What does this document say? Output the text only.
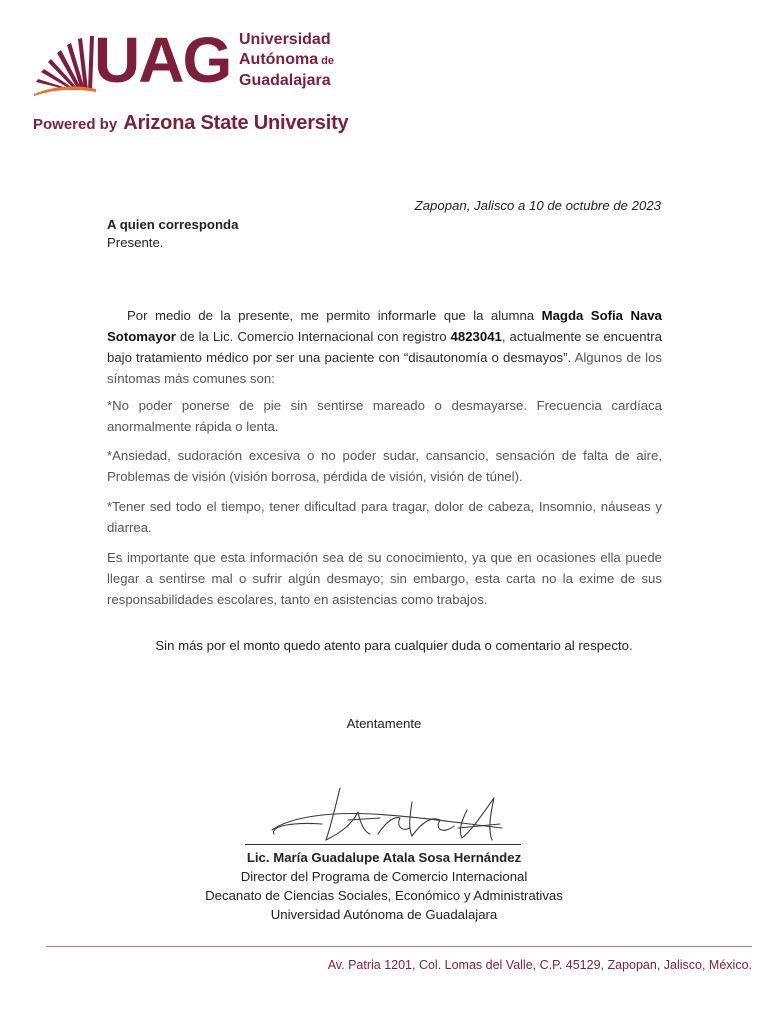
UAG Universidad
Autónoma de
Guadalajara
Powered by Arizona State University
Zapopan, Jalisco a 10 de octubre de 2023
A quien corresponda
Presente.

Por medio de la presente, me permito informarle que la alumna Magda Sofia Nava Sotomayor de la Lic. Comercio Internacional con registro 4823041, actualmente se encuentra bajo tratamiento médico por ser una paciente con “disautonomía o desmayos”. Algunos de los síntomas más comunes son:

*No poder ponerse de pie sin sentirse mareado o desmayarse. Frecuencia cardíaca anormalmente rápida o lenta.

*Ansiedad, sudoración excesiva o no poder sudar, cansancio, sensación de falta de aire, Problemas de visión (visión borrosa, pérdida de visión, visión de túnel).

*Tener sed todo el tiempo, tener dificultad para tragar, dolor de cabeza, Insomnio, náuseas y diarrea.

Es importante que esta información sea de su conocimiento, ya que en ocasiones ella puede llegar a sentirse mal o sufrir algún desmayo; sin embargo, esta carta no la exime de sus responsabilidades escolares, tanto en asistencias como trabajos.

Sin más por el monto quedo atento para cualquier duda o comentario al respecto.
Atentamente
Lic. María Guadalupe Atala Sosa Hernández
Director del Programa de Comercio Internacional
Decanato de Ciencias Sociales, Económico y Administrativas
Universidad Autónoma de Guadalajara
Av. Patria 1201, Col. Lomas del Valle, C.P. 45129, Zapopan, Jalisco, México.
